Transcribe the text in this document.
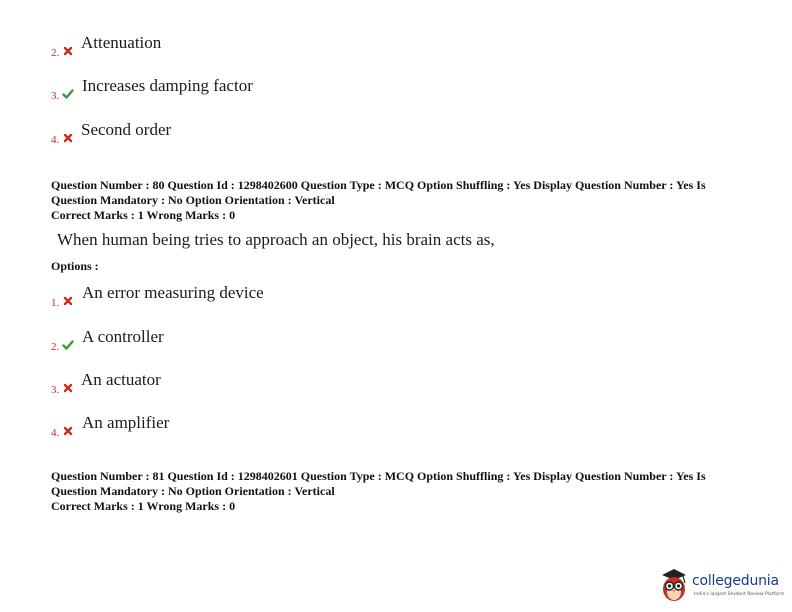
2.
Attenuation
3.
Increases damping factor
4.
Second order
Question Number : 80 Question Id : 1298402600 Question Type : MCQ Option Shuffling : Yes Display Question Number : Yes Is
Question Mandatory : No Option Orientation : Vertical
Correct Marks : 1 Wrong Marks : 0
When human being tries to approach an object, his brain acts as,
Options :
1.
An error measuring device
2.
A controller
3.
An actuator
4.
An amplifier
Question Number : 81 Question Id : 1298402601 Question Type : MCQ Option Shuffling : Yes Display Question Number : Yes Is
Question Mandatory : No Option Orientation : Vertical
Correct Marks : 1 Wrong Marks : 0
collegedunia
India's largest Student Review Platform
